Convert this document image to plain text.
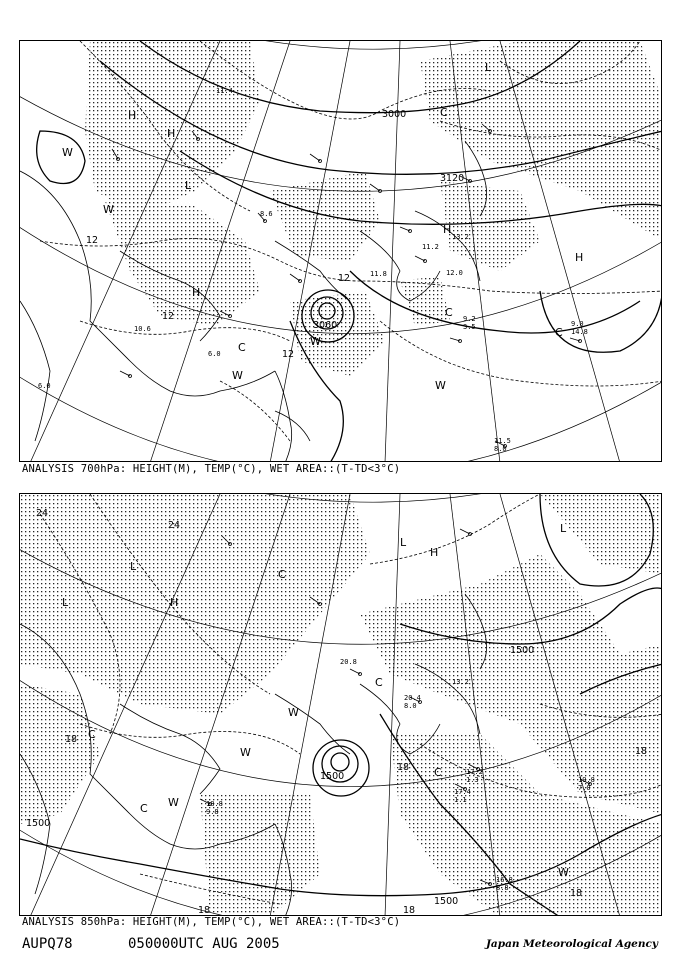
3000
3120
3060
12
12
12
12
H
H
H
H
H
L
L
C
C
C
C
W
W
W
W
W
11.5
8.0
9.2
3.5	9.0
14.8
10.6
6.0
13.2
11.2
12.0
6.0
8.6
11.4
11.8
ANALYSIS 700hPa: HEIGHT(M), TEMP(°C), WET AREA::(T-TD<3°C)
1500
1500
1500
1500
24
24
18
18
18
18
18	18
L
L
L
L
H
H
C
C
C
C
C
W
W
W
W
17.2
1.3
17.4
1.1
18.8
9.8
20.4
8.0
13.2
20.8
19.8
7.0
16.8
8.8
ANALYSIS 850hPa: HEIGHT(M), TEMP(°C), WET AREA::(T-TD<3°C)
AUPQ78	050000UTC AUG 2005	Japan Meteorological Agency
